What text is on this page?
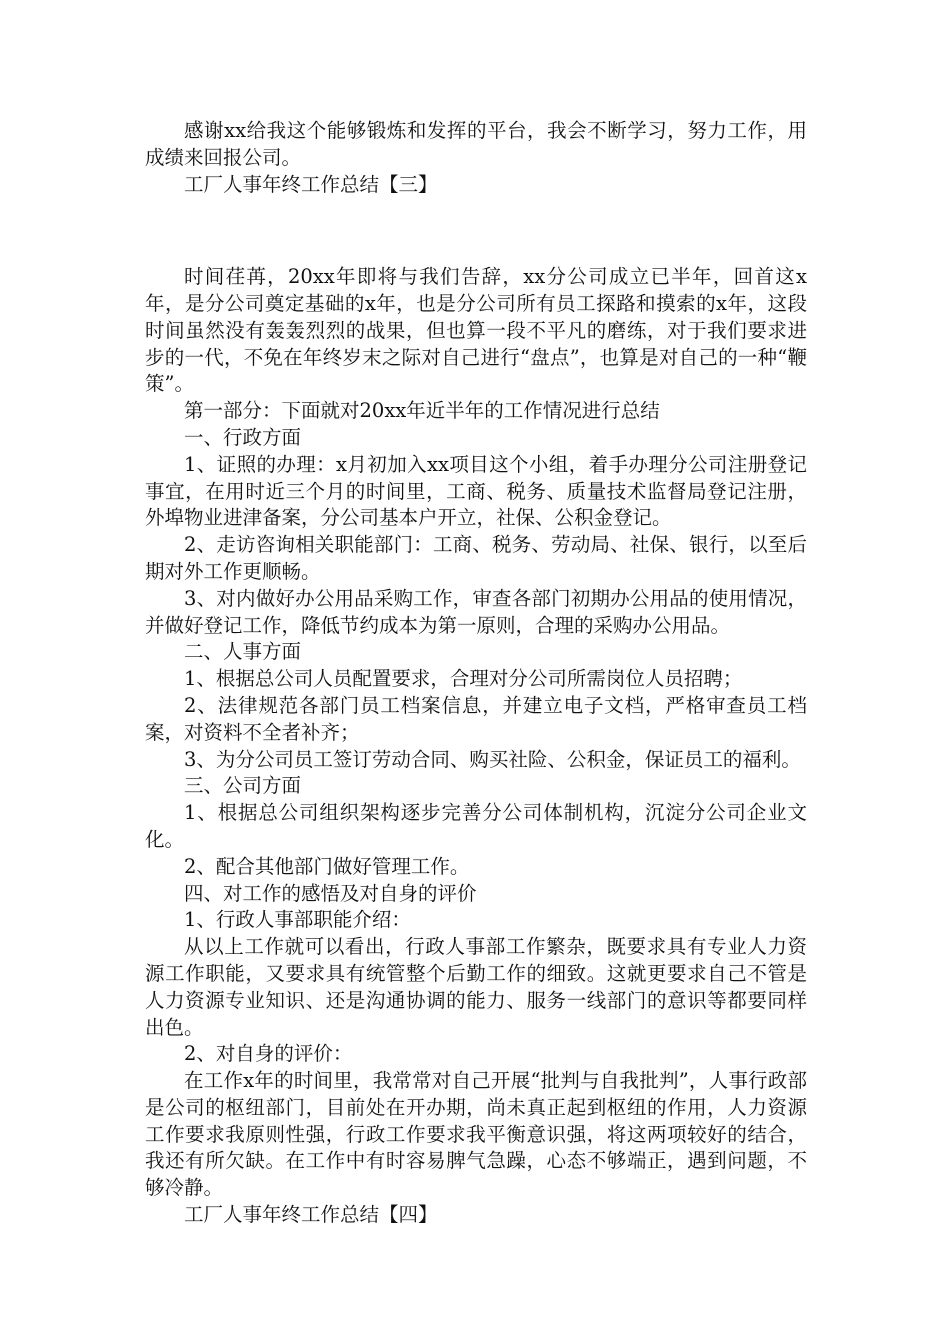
感谢xx给我这个能够锻炼和发挥的平台，我会不断学习，努力工作，用成绩来回报公司。

工厂人事年终工作总结【三】

时间荏苒，20xx年即将与我们告辞，xx分公司成立已半年，回首这x年，是分公司奠定基础的x年，也是分公司所有员工探路和摸索的x年，这段时间虽然没有轰轰烈烈的战果，但也算一段不平凡的磨练，对于我们要求进步的一代，不免在年终岁末之际对自己进行“盘点”，也算是对自己的一种“鞭策”。

第一部分：下面就对20xx年近半年的工作情况进行总结

一、行政方面

1、证照的办理：x月初加入xx项目这个小组，着手办理分公司注册登记事宜，在用时近三个月的时间里，工商、税务、质量技术监督局登记注册，外埠物业进津备案，分公司基本户开立，社保、公积金登记。

2、走访咨询相关职能部门：工商、税务、劳动局、社保、银行，以至后期对外工作更顺畅。

3、对内做好办公用品采购工作，审查各部门初期办公用品的使用情况，并做好登记工作，降低节约成本为第一原则，合理的采购办公用品。

二、人事方面

1、根据总公司人员配置要求，合理对分公司所需岗位人员招聘；

2、法律规范各部门员工档案信息，并建立电子文档，严格审查员工档案，对资料不全者补齐；

3、为分公司员工签订劳动合同、购买社险、公积金，保证员工的福利。

三、公司方面

1、根据总公司组织架构逐步完善分公司体制机构，沉淀分公司企业文化。

2、配合其他部门做好管理工作。

四、对工作的感悟及对自身的评价

1、行政人事部职能介绍：

从以上工作就可以看出，行政人事部工作繁杂，既要求具有专业人力资源工作职能，又要求具有统管整个后勤工作的细致。这就更要求自己不管是人力资源专业知识、还是沟通协调的能力、服务一线部门的意识等都要同样出色。

2、对自身的评价：

在工作x年的时间里，我常常对自己开展“批判与自我批判”，人事行政部是公司的枢纽部门，目前处在开办期，尚未真正起到枢纽的作用，人力资源工作要求我原则性强，行政工作要求我平衡意识强，将这两项较好的结合，我还有所欠缺。在工作中有时容易脾气急躁，心态不够端正，遇到问题，不够冷静。

工厂人事年终工作总结【四】
